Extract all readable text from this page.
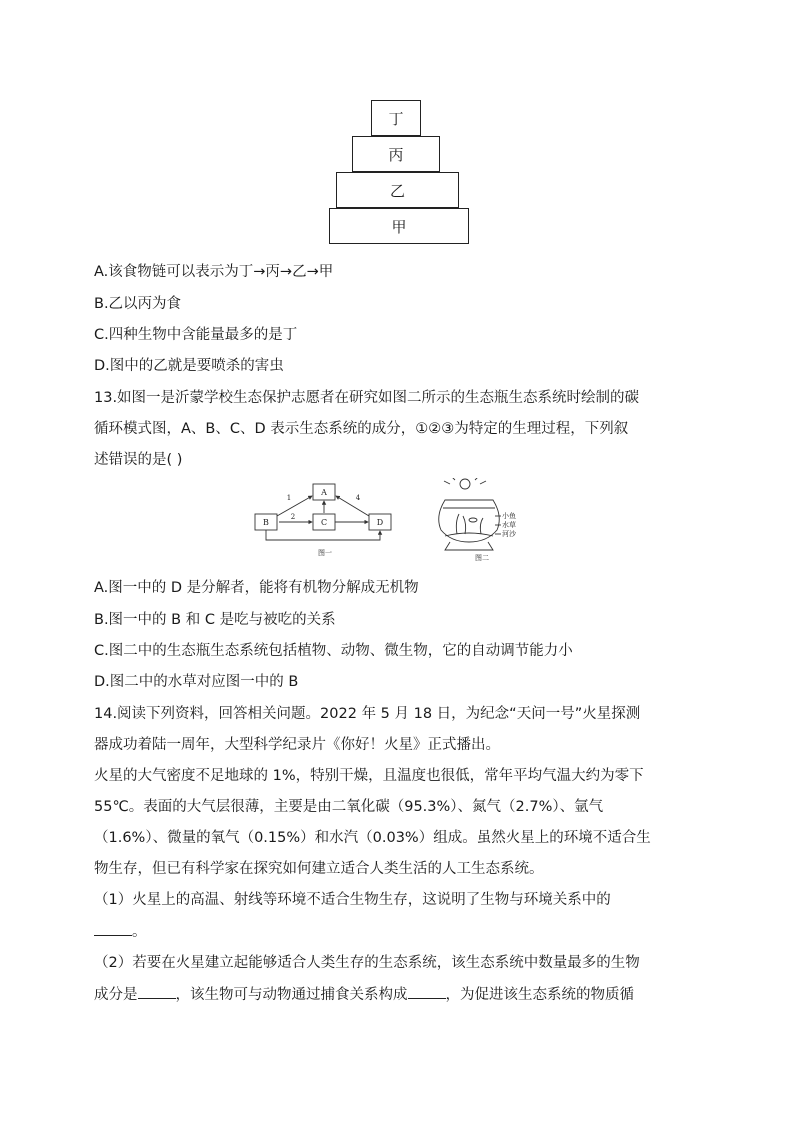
丁
丙
乙
甲
A.该食物链可以表示为丁→丙→乙→甲
B.乙以丙为食
C.四种生物中含能量最多的是丁
D.图中的乙就是要喷杀的害虫
13.如图一是沂蒙学校生态保护志愿者在研究如图二所示的生态瓶生态系统时绘制的碳
循环模式图，A、B、C、D 表示生态系统的成分，①②③为特定的生理过程，下列叙
述错误的是( )
A
B	C	D
1
2
4
图一
小鱼
水草
河沙
图二
A.图一中的 D 是分解者，能将有机物分解成无机物
B.图一中的 B 和 C 是吃与被吃的关系
C.图二中的生态瓶生态系统包括植物、动物、微生物，它的自动调节能力小
D.图二中的水草对应图一中的 B
14.阅读下列资料，回答相关问题。2022 年 5 月 18 日，为纪念“天问一号”火星探测
器成功着陆一周年，大型科学纪录片《你好！火星》正式播出。
火星的大气密度不足地球的 1%，特别干燥，且温度也很低，常年平均气温大约为零下
55℃。表面的大气层很薄，主要是由二氧化碳（95.3%）、氮气（2.7%）、氩气
（1.6%）、微量的氧气（0.15%）和水汽（0.03%）组成。虽然火星上的环境不适合生
物生存，但已有科学家在探究如何建立适合人类生活的人工生态系统。
（1）火星上的高温、射线等环境不适合生物生存，这说明了生物与环境关系中的
。
（2）若要在火星建立起能够适合人类生存的生态系统，该生态系统中数量最多的生物
成分是	，该生物可与动物通过捕食关系构成	，为促进该生态系统的物质循
